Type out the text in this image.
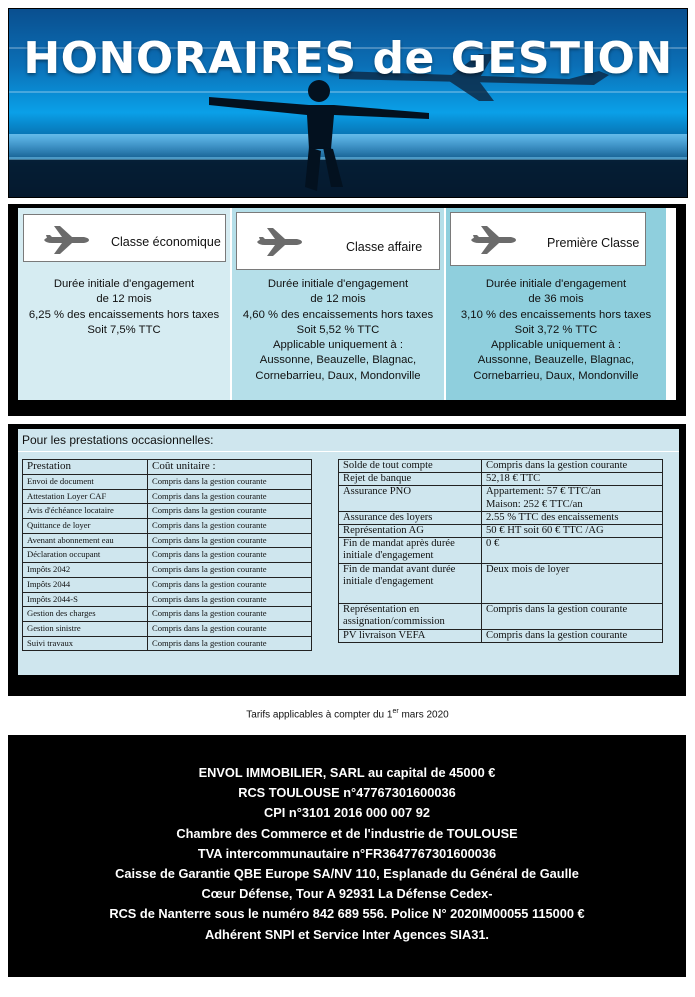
HONORAIRES de GESTION
Classe économique
Durée initiale d'engagement
de 12 mois
6,25 % des encaissements hors taxes
Soit 7,5% TTC
Classe affaire
Durée initiale d'engagement
de 12 mois
4,60 % des encaissements hors taxes
Soit 5,52 % TTC
Applicable uniquement à :
Aussonne, Beauzelle, Blagnac,
Cornebarrieu, Daux, Mondonville
Première Classe
Durée initiale d'engagement
de 36 mois
3,10 % des encaissements hors taxes
Soit 3,72 % TTC
Applicable uniquement à :
Aussonne, Beauzelle, Blagnac,
Cornebarrieu, Daux, Mondonville
Pour les prestations occasionnelles:
Prestation	Coût unitaire :
Envoi de document	Compris dans la gestion courante
Attestation Loyer CAF	Compris dans la gestion courante
Avis d'échéance locataire	Compris dans la gestion courante
Quittance de loyer	Compris dans la gestion courante
Avenant abonnement eau	Compris dans la gestion courante
Déclaration occupant	Compris dans la gestion courante
Impôts 2042	Compris dans la gestion courante
Impôts 2044	Compris dans la gestion courante
Impôts 2044-S	Compris dans la gestion courante
Gestion des charges	Compris dans la gestion courante
Gestion sinistre	Compris dans la gestion courante
Suivi travaux	Compris dans la gestion courante
Solde de tout compte	Compris dans la gestion courante
Rejet de banque	52,18 € TTC
Assurance PNO	Appartement: 57 € TTC/an
Maison: 252 € TTC/an
Assurance des loyers	2.55 % TTC des encaissements
Représentation AG	50 € HT soit 60 € TTC /AG
Fin de mandat après durée initiale d'engagement	0 €
Fin de mandat avant durée initiale d'engagement	Deux mois de loyer
Représentation en assignation/commission	Compris dans la gestion courante
PV livraison VEFA	Compris dans la gestion courante
Tarifs applicables à compter du 1er mars 2020
ENVOL IMMOBILIER, SARL au capital de 45000 €
RCS TOULOUSE n°47767301600036
CPI n°3101 2016 000 007 92
Chambre des Commerce et de l'industrie de TOULOUSE
TVA intercommunautaire n°FR3647767301600036
Caisse de Garantie QBE Europe SA/NV 110, Esplanade du Général de Gaulle
Cœur Défense, Tour A 92931 La Défense Cedex-
RCS de Nanterre sous le numéro 842 689 556. Police N° 2020IM00055 115000 €
Adhérent SNPI et Service Inter Agences SIA31.
